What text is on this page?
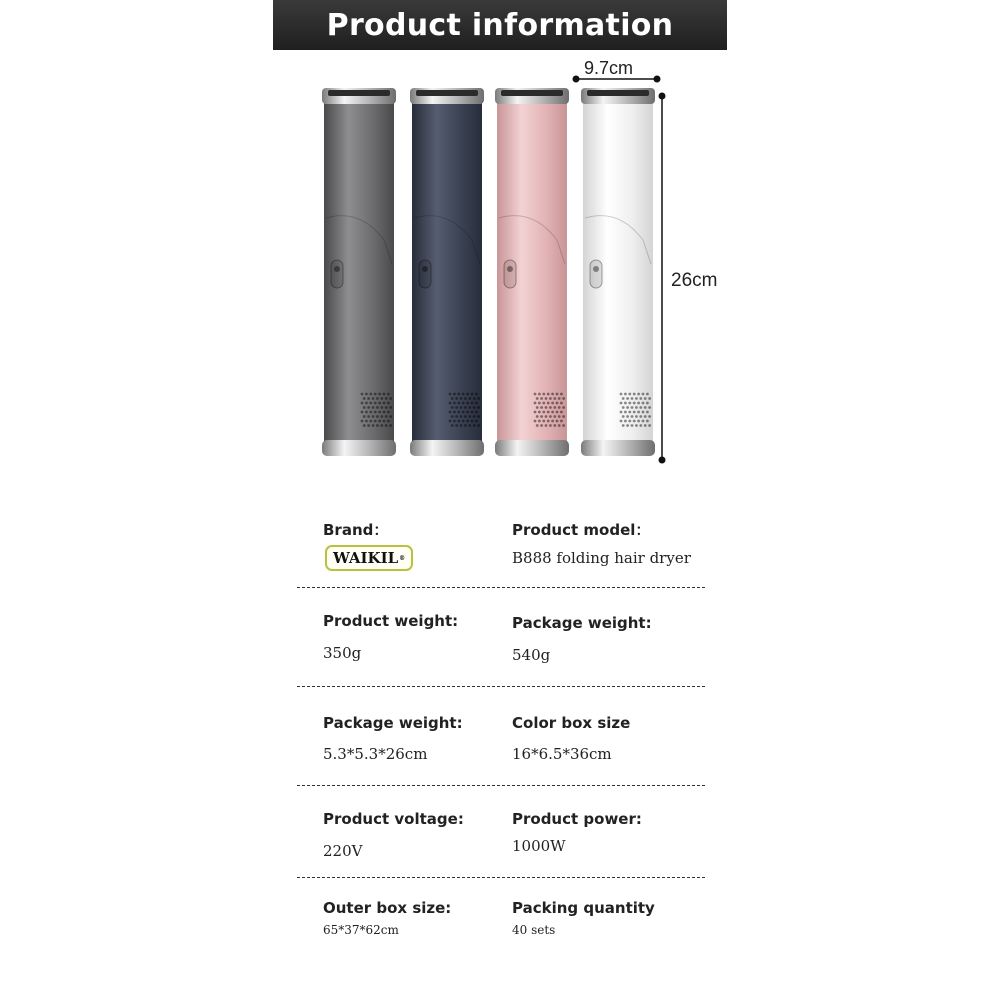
Product information
9.7cm
26cm
Brand：
WAIKIL ®
Product model：
B888 folding hair dryer
Product weight:
350g
Package weight:
540g
Package weight:
5.3*5.3*26cm
Color box size
16*6.5*36cm
Product voltage:
220V
Product power:
1000W
Outer box size:
65*37*62cm
Packing quantity
40 sets
